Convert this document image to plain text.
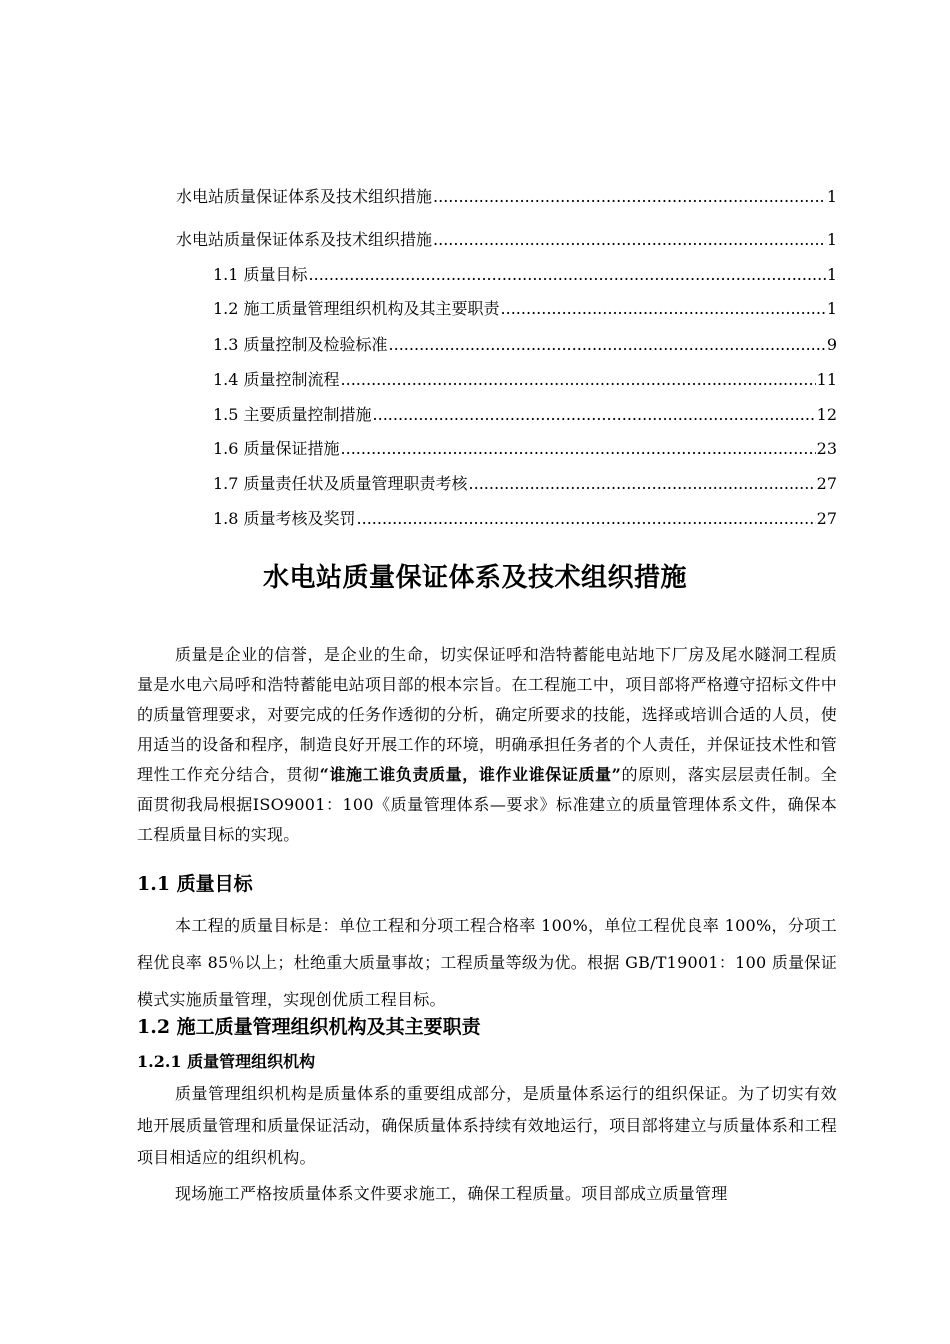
水电站质量保证体系及技术组织措施 .....	1
水电站质量保证体系及技术组织措施 .....	1
1.1 质量目标 .....	1
1.2 施工质量管理组织机构及其主要职责 .....	1
1.3 质量控制及检验标准 .....	9
1.4 质量控制流程 .....	11
1.5 主要质量控制措施 .....	12
1.6 质量保证措施 .....	23
1.7 质量责任状及质量管理职责考核 .....	27
1.8 质量考核及奖罚 .....	27
水电站质量保证体系及技术组织措施

质量是企业的信誉，是企业的生命，切实保证呼和浩特蓄能电站地下厂房及尾水隧洞工程质量是水电六局呼和浩特蓄能电站项目部的根本宗旨。在工程施工中，项目部将严格遵守招标文件中的质量管理要求，对要完成的任务作透彻的分析，确定所要求的技能，选择或培训合适的人员，使用适当的设备和程序，制造良好开展工作的环境，明确承担任务者的个人责任，并保证技术性和管理性工作充分结合，贯彻“谁施工谁负责质量，谁作业谁保证质量”的原则，落实层层责任制。全面贯彻我局根据ISO9001：100《质量管理体系—要求》标准建立的质量管理体系文件，确保本工程质量目标的实现。

1.1 质量目标

本工程的质量目标是：单位工程和分项工程合格率 100%，单位工程优良率 100%，分项工程优良率 85％以上；杜绝重大质量事故；工程质量等级为优。根据 GB/T19001：100 质量保证模式实施质量管理，实现创优质工程目标。

1.2 施工质量管理组织机构及其主要职责
1.2.1 质量管理组织机构

质量管理组织机构是质量体系的重要组成部分，是质量体系运行的组织保证。为了切实有效地开展质量管理和质量保证活动，确保质量体系持续有效地运行，项目部将建立与质量体系和工程项目相适应的组织机构。

现场施工严格按质量体系文件要求施工，确保工程质量。项目部成立质量管理
